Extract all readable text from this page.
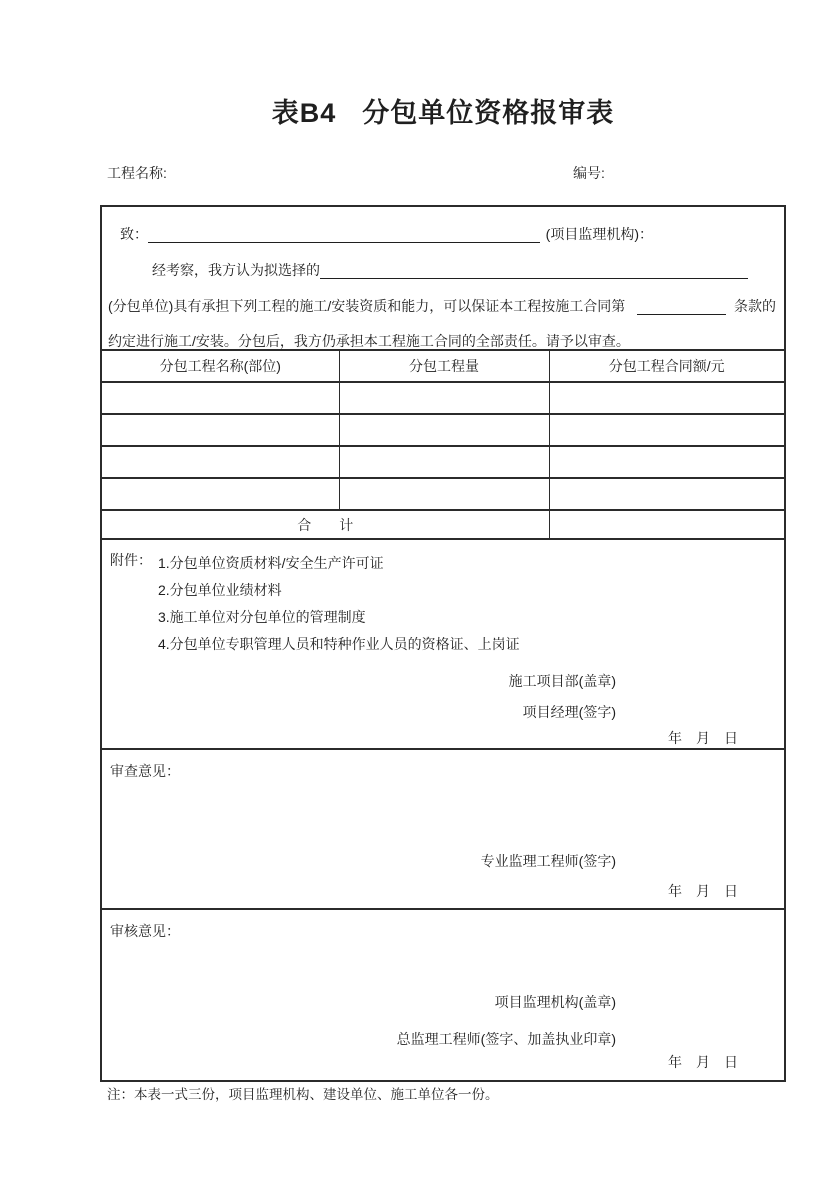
表B4 分包单位资格报审表
工程名称:	编号:
致：	(项目监理机构)：
经考察，我方认为拟选择的
(分包单位)具有承担下列工程的施工/安装资质和能力，可以保证本工程按施工合同第	条款的
约定进行施工/安装。分包后，我方仍承担本工程施工合同的全部责任。请予以审查。
分包工程名称(部位)	分包工程量	分包工程合同额/元

合　　计		
附件： 1.分包单位资质材料/安全生产许可证
2.分包单位业绩材料
3.施工单位对分包单位的管理制度
4.分包单位专职管理人员和特种作业人员的资格证、上岗证
施工项目部(盖章)
项目经理(签字)
年　月　日
审查意见：
专业监理工程师(签字)
年　月　日
审核意见：
项目监理机构(盖章)
总监理工程师(签字、加盖执业印章)
年　月　日
注：本表一式三份，项目监理机构、建设单位、施工单位各一份。
